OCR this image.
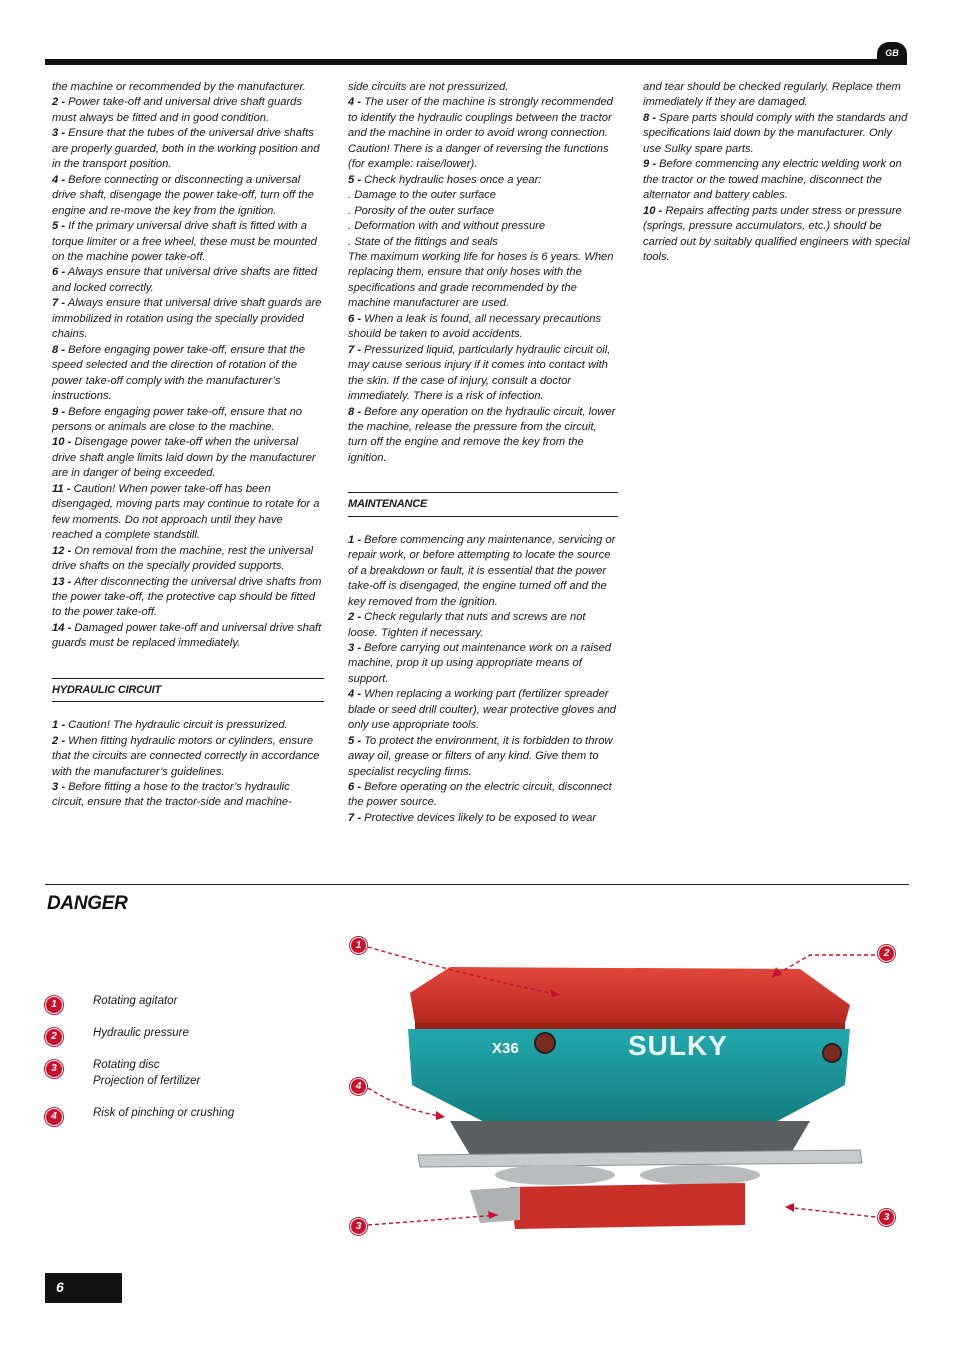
GB

the machine or recommended by the manufacturer.

2 - Power take-off and universal drive shaft guards must always be fitted and in good condition.

3 - Ensure that the tubes of the universal drive shafts are properly guarded, both in the working position and in the transport position.

4 - Before connecting or disconnecting a universal drive shaft, disengage the power take-off, turn off the engine and re-move the key from the ignition.

5 - If the primary universal drive shaft is fitted with a torque limiter or a free wheel, these must be mounted on the machine power take-off.

6 - Always ensure that universal drive shafts are fitted and locked correctly.

7 - Always ensure that universal drive shaft guards are immobilized in rotation using the specially provided chains.

8 - Before engaging power take-off, ensure that the speed selected and the direction of rotation of the power take-off comply with the manufacturer’s instructions.

9 - Before engaging power take-off, ensure that no persons or animals are close to the machine.

10 - Disengage power take-off when the universal drive shaft angle limits laid down by the manufacturer are in danger of being exceeded.

11 - Caution! When power take-off has been disengaged, moving parts may continue to rotate for a few moments. Do not approach until they have reached a complete standstill.

12 - On removal from the machine, rest the universal drive shafts on the specially provided supports.

13 - After disconnecting the universal drive shafts from the power take-off, the protective cap should be fitted to the power take-off.

14 - Damaged power take-off and universal drive shaft guards must be replaced immediately.

HYDRAULIC CIRCUIT

1 - Caution! The hydraulic circuit is pressurized.

2 - When fitting hydraulic motors or cylinders, ensure that the circuits are connected correctly in accordance with the manufacturer’s guidelines.

3 - Before fitting a hose to the tractor’s hydraulic circuit, ensure that the tractor-side and machine-

side circuits are not pressurized.

4 - The user of the machine is strongly recommended to identify the hydraulic couplings between the tractor and the machine in order to avoid wrong connection. Caution! There is a danger of reversing the functions (for example: raise/lower).

5 - Check hydraulic hoses once a year:

. Damage to the outer surface

. Porosity of the outer surface

. Deformation with and without pressure

. State of the fittings and seals

The maximum working life for hoses is 6 years. When replacing them, ensure that only hoses with the specifications and grade recommended by the machine manufacturer are used.

6 - When a leak is found, all necessary precautions should be taken to avoid accidents.

7 - Pressurized liquid, particularly hydraulic circuit oil, may cause serious injury if it comes into contact with the skin. If the case of injury, consult a doctor immediately. There is a risk of infection.

8 - Before any operation on the hydraulic circuit, lower the machine, release the pressure from the circuit, turn off the engine and remove the key from the ignition.

MAINTENANCE

1 - Before commencing any maintenance, servicing or repair work, or before attempting to locate the source of a breakdown or fault, it is essential that the power take-off is disengaged, the engine turned off and the key removed from the ignition.

2 - Check regularly that nuts and screws are not loose. Tighten if necessary.

3 - Before carrying out maintenance work on a raised machine, prop it up using appropriate means of support.

4 - When replacing a working part (fertilizer spreader blade or seed drill coulter), wear protective gloves and only use appropriate tools.

5 - To protect the environment, it is forbidden to throw away oil, grease or filters of any kind. Give them to specialist recycling firms.

6 - Before operating on the electric circuit, disconnect the power source.

7 - Protective devices likely to be exposed to wear

and tear should be checked regularly. Replace them immediately if they are damaged.

8 - Spare parts should comply with the standards and specifications laid down by the manufacturer. Only use Sulky spare parts.

9 - Before commencing any electric welding work on the tractor or the towed machine, disconnect the alternator and battery cables.

10 - Repairs affecting parts under stress or pressure (springs, pressure accumulators, etc.) should be carried out by suitably qualified engineers with special tools.

DANGER
1	Rotating agitator
2	Hydraulic pressure
3	Rotating disc
Projection of fertilizer
4	Risk of pinching or crushing
X36	SULKY
1
2
3
4
3
6
